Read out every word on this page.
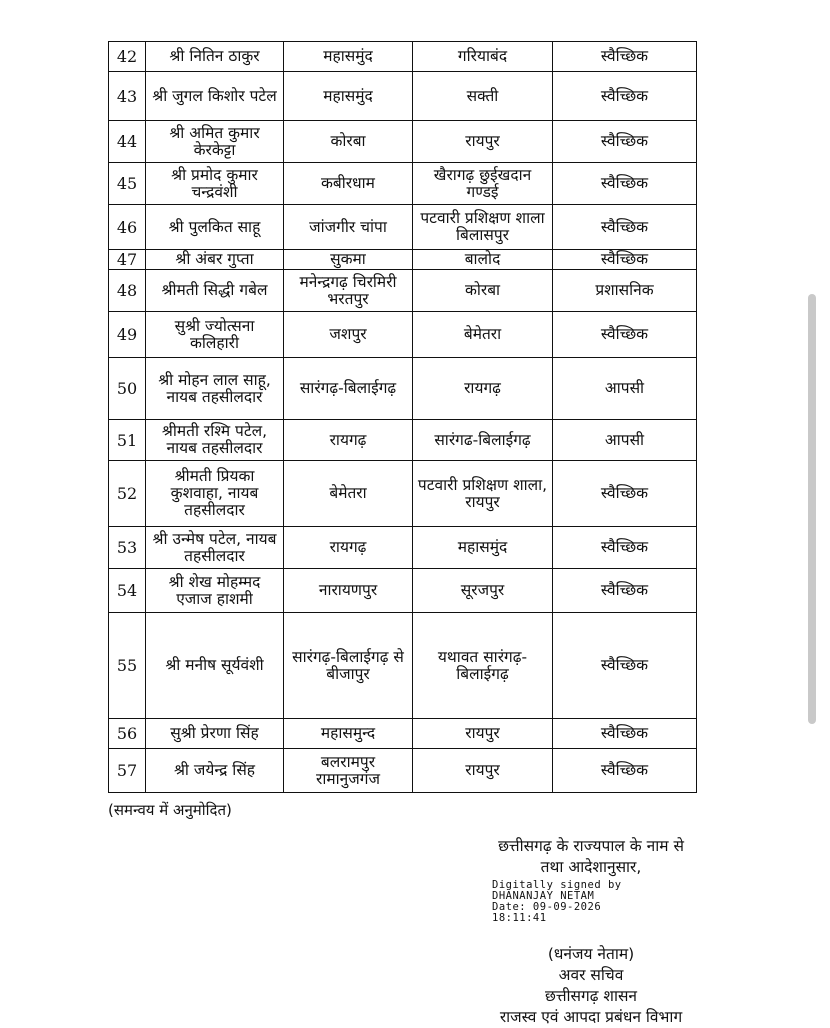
42	श्री नितिन ठाकुर	महासमुंद	गरियाबंद	स्वैच्छिक
43	श्री जुगल किशोर पटेल	महासमुंद	सक्ती	स्वैच्छिक
44	श्री अमित कुमार केरकेट्टा	कोरबा	रायपुर	स्वैच्छिक
45	श्री प्रमोद कुमार चन्द्रवंशी	कबीरधाम	खैरागढ़ छुईखदान गण्डई	स्वैच्छिक
46	श्री पुलकित साहू	जांजगीर चांपा	पटवारी प्रशिक्षण शाला बिलासपुर	स्वैच्छिक
47	श्री अंबर गुप्ता	सुकमा	बालोद	स्वैच्छिक
48	श्रीमती सिद्धी गबेल	मनेन्द्रगढ़ चिरमिरी भरतपुर	कोरबा	प्रशासनिक
49	सुश्री ज्योत्सना कलिहारी	जशपुर	बेमेतरा	स्वैच्छिक
50	श्री मोहन लाल साहू, नायब तहसीलदार	सारंगढ़-बिलाईगढ़	रायगढ़	आपसी
51	श्रीमती रश्मि पटेल, नायब तहसीलदार	रायगढ़	सारंगढ-बिलाईगढ़	आपसी
52	श्रीमती प्रियका कुशवाहा, नायब तहसीलदार	बेमेतरा	पटवारी प्रशिक्षण शाला, रायपुर	स्वैच्छिक
53	श्री उन्मेष पटेल, नायब तहसीलदार	रायगढ़	महासमुंद	स्वैच्छिक
54	श्री शेख मोहम्मद एजाज हाशमी	नारायणपुर	सूरजपुर	स्वैच्छिक
55	श्री मनीष सूर्यवंशी	सारंगढ़-बिलाईगढ़ से बीजापुर	यथावत सारंगढ़-बिलाईगढ़	स्वैच्छिक
56	सुश्री प्रेरणा सिंह	महासमुन्द	रायपुर	स्वैच्छिक
57	श्री जयेन्द्र सिंह	बलरामपुर रामानुजगंज	रायपुर	स्वैच्छिक
(समन्वय में अनुमोदित)
छत्तीसगढ़ के राज्यपाल के नाम से
तथा आदेशानुसार,
(धनंजय नेताम)
अवर सचिव
छत्तीसगढ़ शासन
राजस्व एवं आपदा प्रबंधन विभाग
Digitally signed by
DHANANJAY NETAM
Date: 09-09-2026
18:11:41
